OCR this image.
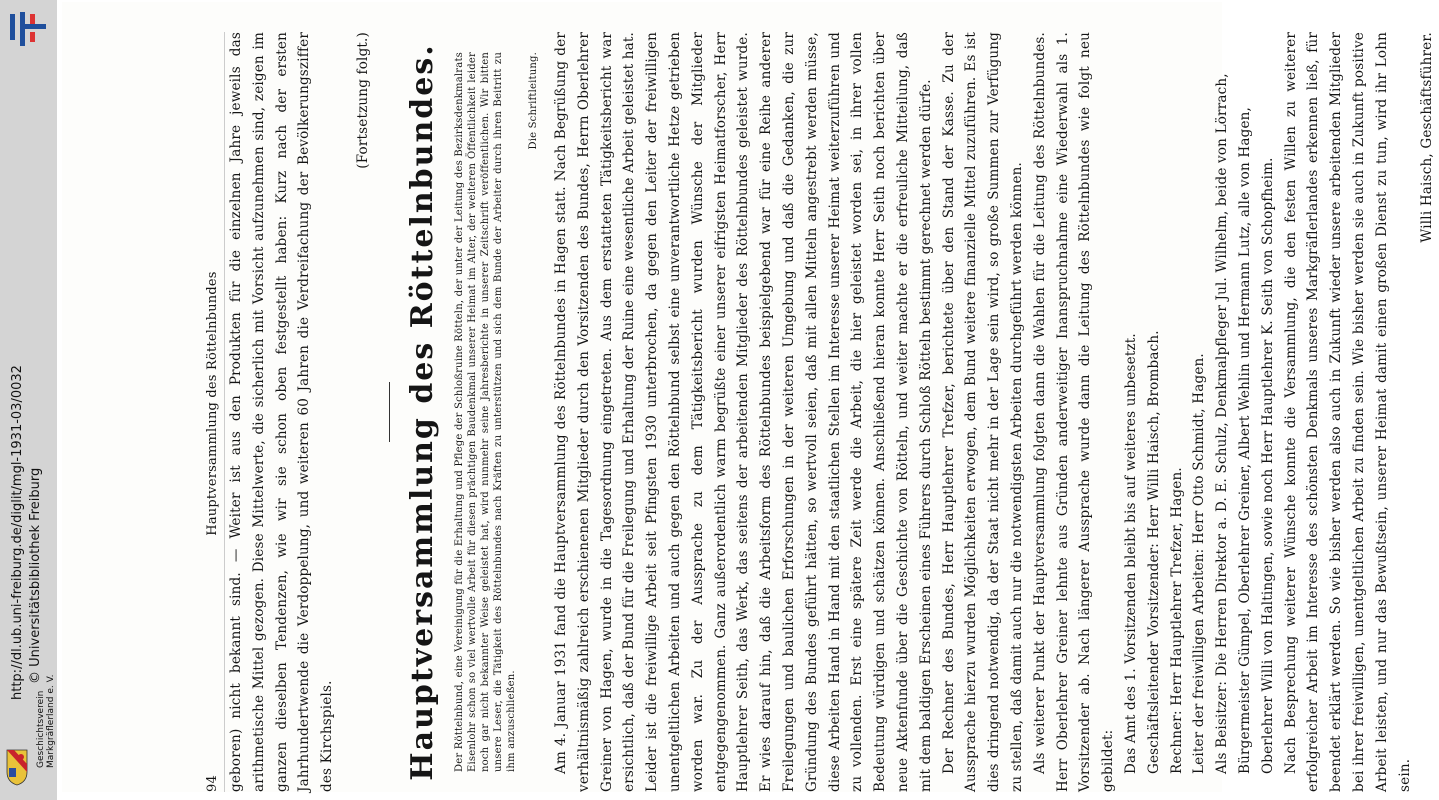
http://dl.ub.uni-freiburg.de/diglit/mgl-1931-03/0032 © Universitätsbibliothek Freiburg
Geschichtsverein Markgräflerland e. V.
94
Hauptversammlung des Röttelnbundes geboren) nicht bekannt sind. — Weiter ist aus den Produkten für die einzelnen Jahre jeweils das arithmetische Mittel gezogen. Diese Mittelwerte, die sicherlich mit Vorsicht aufzunehmen sind, zeigen im ganzen dieselben Tendenzen, wie wir sie schon oben festgestellt haben: Kurz nach der ersten Jahrhundertwende die Verdoppelung, und weiteren 60 Jahren die Verdreifachung der Bevölkerungsziffer des Kirchspiels.

(Fortsetzung folgt.) Hauptversammlung des Röttelnbundes. Der Röttelnbund, eine Vereinigung für die Erhaltung und Pflege der Schloßruine Rötteln, der unter der Leitung des Bezirksdenkmalrats Eisenlohr schon so viel wertvolle Arbeit für diesen prächtigen Baudenkmal unserer Heimat im Alter, der weiteren Öffentlichkeit leider noch gar nicht bekannter Weise geleistet hat, wird nunmehr seine Jahresberichte in unserer Zeitschrift veröffentlichen. Wir bitten unsere Leser, die Tätigkeit des Röttelnbundes nach Kräften zu unterstützen und sich dem Bunde der Arbeiter durch ihren Beitritt zu ihm anzuschließen.

Die Schriftleitung. Am 4. Januar 1931 fand die Hauptversammlung des Röttelnbundes in Hagen statt. Nach Begrüßung der verhältnismäßig zahlreich erschienenen Mitglieder durch den Vorsitzenden des Bundes, Herrn Oberlehrer Greiner von Hagen, wurde in die Tagesordnung eingetreten. Aus dem erstatteten Tätigkeitsbericht war ersichtlich, daß der Bund für die Freilegung und Erhaltung der Ruine eine wesentliche Arbeit geleistet hat. Leider ist die freiwillige Arbeit seit Pfingsten 1930 unterbrochen, da gegen den Leiter der freiwilligen unentgeltlichen Arbeiten und auch gegen den Röttelnbund selbst eine unverantwortliche Hetze getrieben worden war. Zu der Aussprache zu dem Tätigkeitsbericht wurden Wünsche der Mitglieder entgegengenommen. Ganz außerordentlich warm begrüßte einer unserer eifrigsten Heimatforscher, Herr Hauptlehrer Seith, das Werk, das seitens der arbeitenden Mitglieder des Röttelnbundes geleistet wurde. Er wies darauf hin, daß die Arbeitsform des Röttelnbundes beispielgebend war für eine Reihe anderer Freilegungen und baulichen Erforschungen in der weiteren Umgebung und daß die Gedanken, die zur Gründung des Bundes geführt hätten, so wertvoll seien, daß mit allen Mitteln angestrebt werden müsse, diese Arbeiten Hand in Hand mit den staatlichen Stellen im Interesse unserer Heimat weiterzuführen und zu vollenden. Erst eine spätere Zeit werde die Arbeit, die hier geleistet worden sei, in ihrer vollen Bedeutung würdigen und schätzen können. Anschließend hieran konnte Herr Seith noch berichten über neue Aktenfunde über die Geschichte von Rötteln, und weiter machte er die erfreuliche Mitteilung, daß mit dem baldigen Erscheinen eines Führers durch Schloß Rötteln bestimmt gerechnet werden dürfe. Der Rechner des Bundes, Herr Hauptlehrer Trefzer, berichtete über den Stand der Kasse. Zu der Aussprache hierzu wurden Möglichkeiten erwogen, dem Bund weitere finanzielle Mittel zuzuführen. Es ist dies dringend notwendig, da der Staat nicht mehr in der Lage sein wird, so große Summen zur Verfügung zu stellen, daß damit auch nur die notwendigsten Arbeiten durchgeführt werden können. Als weiterer Punkt der Hauptversammlung folgten dann die Wahlen für die Leitung des Röttelnbundes. Herr Oberlehrer Greiner lehnte aus Gründen anderweitiger Inanspruchnahme eine Wiederwahl als 1. Vorsitzender ab. Nach längerer Aussprache wurde dann die Leitung des Röttelnbundes wie folgt neu gebildet: Das Amt des 1. Vorsitzenden bleibt bis auf weiteres unbesetzt. Geschäftsleitender Vorsitzender: Herr Willi Haisch, Brombach. Rechner: Herr Hauptlehrer Trefzer, Hagen. Leiter der freiwilligen Arbeiten: Herr Otto Schmidt, Hagen. Als Beisitzer: Die Herren Direktor a. D. E. Schulz, Denkmalpfleger Jul. Wilhelm, beide von Lörrach, Bürgermeister Gümpel, Oberlehrer Greiner, Albert Wehlin und Hermann Lutz, alle von Hagen, Oberlehrer Willi von Haltingen, sowie noch Herr Hauptlehrer K. Seith von Schopfheim. Nach Besprechung weiterer Wünsche konnte die Versammlung, die den festen Willen zu weiterer erfolgreicher Arbeit im Interesse des schönsten Denkmals unseres Markgräflerlandes erkennen ließ, für beendet erklärt werden. So wie bisher werden also auch in Zukunft wieder unsere arbeitenden Mitglieder bei ihrer freiwilligen, unentgeltlichen Arbeit zu finden sein. Wie bisher werden sie auch in Zukunft positive Arbeit leisten, und nur das Bewußtsein, unserer Heimat damit einen großen Dienst zu tun, wird ihr Lohn sein.

Willi Haisch, Geschäftsführer.
